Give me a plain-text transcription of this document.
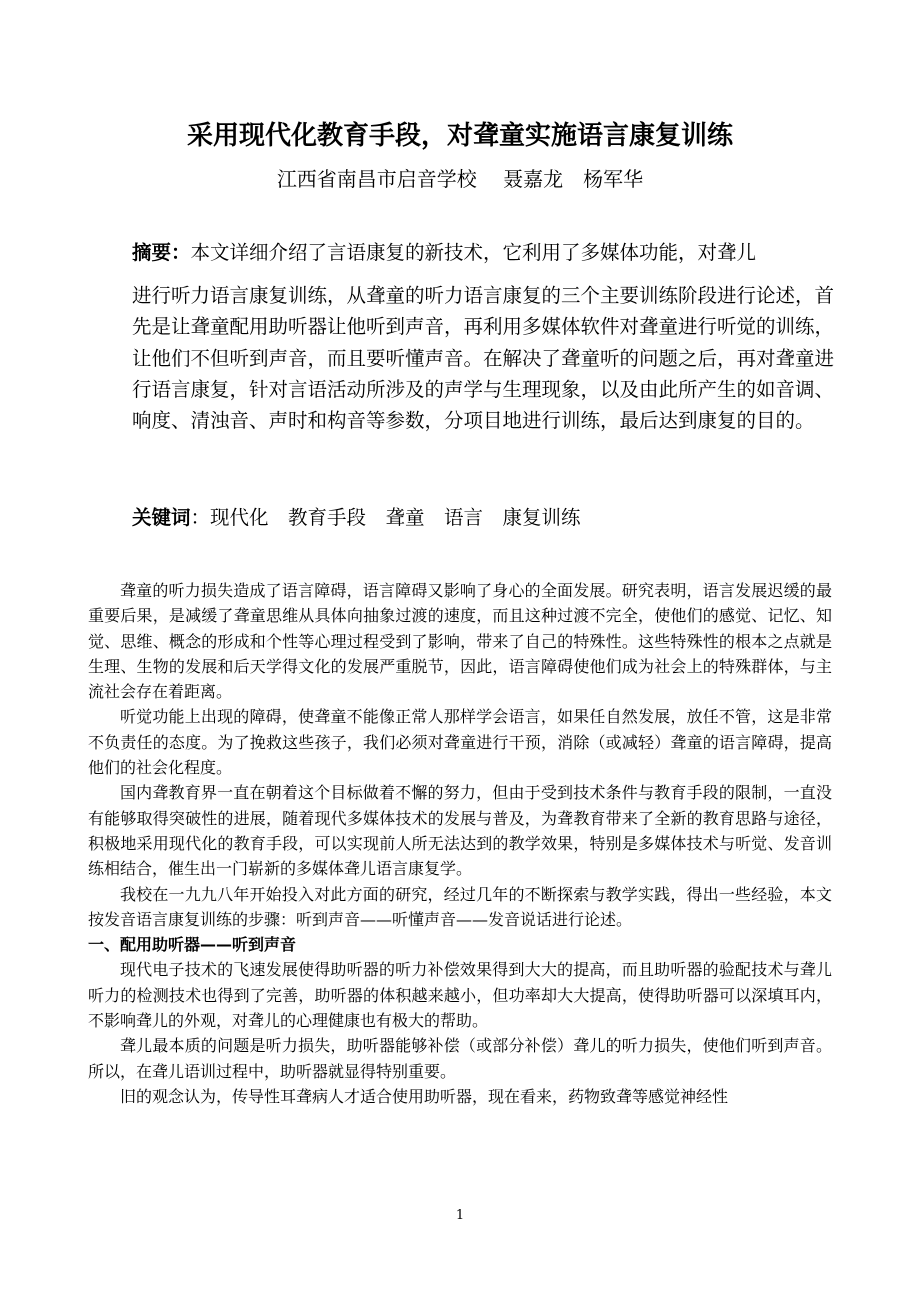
采用现代化教育手段，对聋童实施语言康复训练
江西省南昌市启音学校　 聂嘉龙　杨军华
摘要：本文详细介绍了言语康复的新技术，它利用了多媒体功能，对聋儿
进行听力语言康复训练，从聋童的听力语言康复的三个主要训练阶段进行论述，首先是让聋童配用助听器让他听到声音，再利用多媒体软件对聋童进行听觉的训练，让他们不但听到声音，而且要听懂声音。在解决了聋童听的问题之后，再对聋童进行语言康复，针对言语活动所涉及的声学与生理现象，以及由此所产生的如音调、响度、清浊音、声时和构音等参数，分项目地进行训练，最后达到康复的目的。
关键词：现代化　教育手段　聋童　语言　康复训练

聋童的听力损失造成了语言障碍，语言障碍又影响了身心的全面发展。研究表明，语言发展迟缓的最重要后果，是减缓了聋童思维从具体向抽象过渡的速度，而且这种过渡不完全，使他们的感觉、记忆、知觉、思维、概念的形成和个性等心理过程受到了影响，带来了自己的特殊性。这些特殊性的根本之点就是生理、生物的发展和后天学得文化的发展严重脱节，因此，语言障碍使他们成为社会上的特殊群体，与主流社会存在着距离。

听觉功能上出现的障碍，使聋童不能像正常人那样学会语言，如果任自然发展，放任不管，这是非常不负责任的态度。为了挽救这些孩子，我们必须对聋童进行干预，消除（或减轻）聋童的语言障碍，提高他们的社会化程度。

国内聋教育界一直在朝着这个目标做着不懈的努力，但由于受到技术条件与教育手段的限制，一直没有能够取得突破性的进展，随着现代多媒体技术的发展与普及，为聋教育带来了全新的教育思路与途径，积极地采用现代化的教育手段，可以实现前人所无法达到的教学效果，特别是多媒体技术与听觉、发音训练相结合，催生出一门崭新的多媒体聋儿语言康复学。

我校在一九九八年开始投入对此方面的研究，经过几年的不断探索与教学实践，得出一些经验，本文按发音语言康复训练的步骤：听到声音——听懂声音——发音说话进行论述。

一、配用助听器——听到声音

现代电子技术的飞速发展使得助听器的听力补偿效果得到大大的提高，而且助听器的验配技术与聋儿听力的检测技术也得到了完善，助听器的体积越来越小，但功率却大大提高，使得助听器可以深填耳内，不影响聋儿的外观，对聋儿的心理健康也有极大的帮助。

聋儿最本质的问题是听力损失，助听器能够补偿（或部分补偿）聋儿的听力损失，使他们听到声音。所以，在聋儿语训过程中，助听器就显得特别重要。

旧的观念认为，传导性耳聋病人才适合使用助听器，现在看来，药物致聋等感觉神经性

1
